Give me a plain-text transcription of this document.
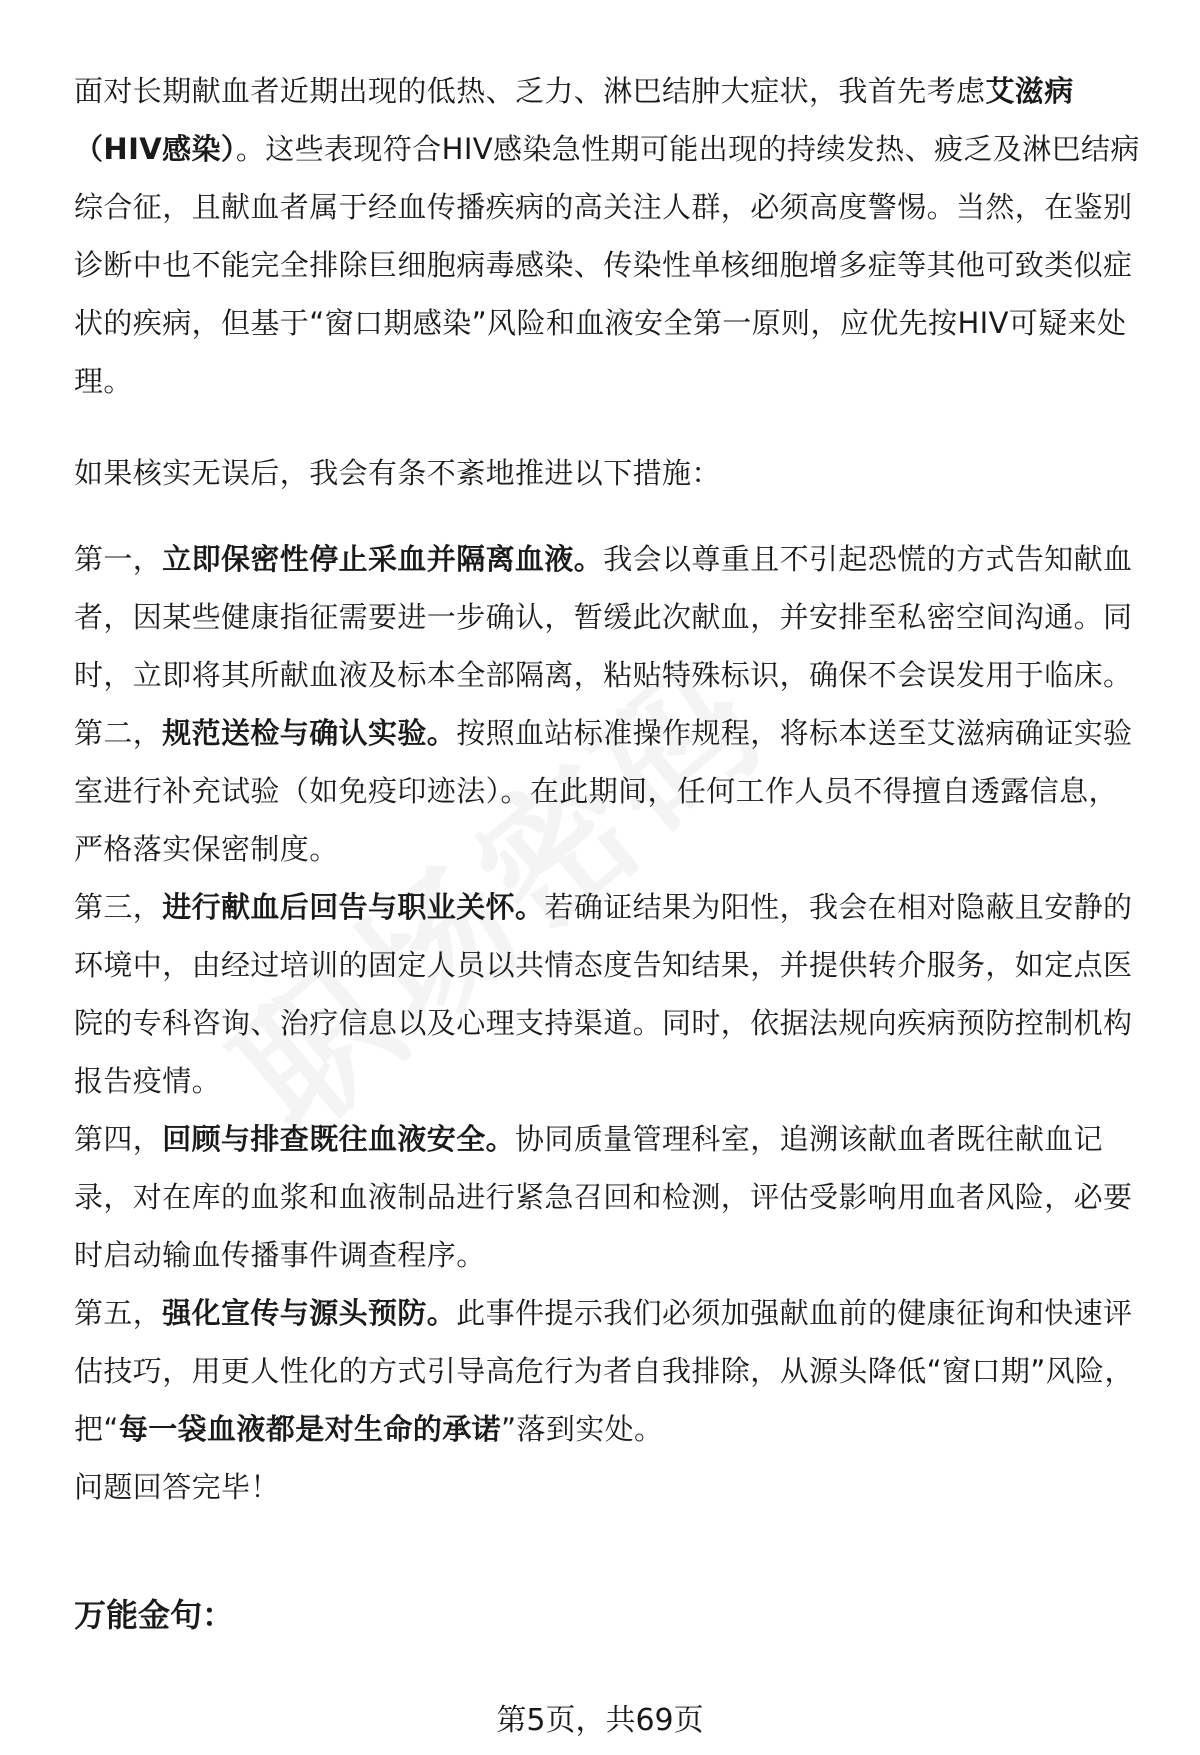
面对长期献血者近期出现的低热、乏力、淋巴结肿大症状，我首先考虑艾滋病（HIV感染）。这些表现符合HIV感染急性期可能出现的持续发热、疲乏及淋巴结病综合征，且献血者属于经血传播疾病的高关注人群，必须高度警惕。当然，在鉴别诊断中也不能完全排除巨细胞病毒感染、传染性单核细胞增多症等其他可致类似症状的疾病，但基于“窗口期感染”风险和血液安全第一原则，应优先按HIV可疑来处理。

如果核实无误后，我会有条不紊地推进以下措施：

第一，立即保密性停止采血并隔离血液。我会以尊重且不引起恐慌的方式告知献血者，因某些健康指征需要进一步确认，暂缓此次献血，并安排至私密空间沟通。同时，立即将其所献血液及标本全部隔离，粘贴特殊标识，确保不会误发用于临床。

第二，规范送检与确认实验。按照血站标准操作规程，将标本送至艾滋病确证实验室进行补充试验（如免疫印迹法）。在此期间，任何工作人员不得擅自透露信息，严格落实保密制度。

第三，进行献血后回告与职业关怀。若确证结果为阳性，我会在相对隐蔽且安静的环境中，由经过培训的固定人员以共情态度告知结果，并提供转介服务，如定点医院的专科咨询、治疗信息以及心理支持渠道。同时，依据法规向疾病预防控制机构报告疫情。

第四，回顾与排查既往血液安全。协同质量管理科室，追溯该献血者既往献血记录，对在库的血浆和血液制品进行紧急召回和检测，评估受影响用血者风险，必要时启动输血传播事件调查程序。

第五，强化宣传与源头预防。此事件提示我们必须加强献血前的健康征询和快速评估技巧，用更人性化的方式引导高危行为者自我排除，从源头降低“窗口期”风险，把“每一袋血液都是对生命的承诺”落到实处。

问题回答完毕！

万能金句：
第5页，共69页
